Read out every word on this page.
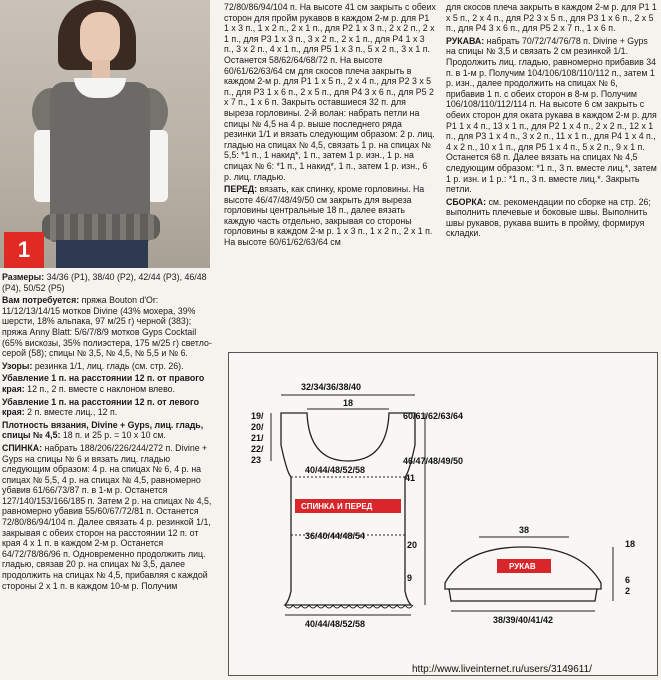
1

Размеры: 34/36 (P1), 38/40 (P2), 42/44 (P3), 46/48 (P4), 50/52 (P5)

Вам потребуется: пряжа Bouton d'Or: 11/12/13/14/15 мотков Divine (43% мохера, 39% шерсти, 18% альпака, 97 м/25 г) черной (383); пряжа Anny Blatt: 5/6/7/8/9 мотков Gyps Cocktail (65% вискозы, 35% полиэстера, 175 м/25 г) светло-серой (58); спицы № 3,5, № 4,5, № 5,5 и № 6.

Узоры: резинка 1/1, лиц. гладь (см. стр. 26).

Убавление 1 п. на расстоянии 12 п. от правого края: 12 п., 2 п. вместе с наклоном влево.

Убавление 1 п. на расстоянии 12 п. от левого края: 2 п. вместе лиц., 12 п.

Плотность вязания, Divine + Gyps, лиц. гладь, спицы № 4,5: 18 п. и 25 р. = 10 х 10 см.

СПИНКА: набрать 188/206/226/244/272 п. Divine + Gyps на спицы № 6 и вязать лиц. гладью следующим образом: 4 р. на спицах № 6, 4 р. на спицах № 5,5, 4 р. на спицах № 4,5, равномерно убавив 61/66/73/87 п. в 1-м р. Останется 127/140/153/166/185 п. Затем 2 р. на спицах № 4,5, равномерно убавив 55/60/67/72/81 п. Останется 72/80/86/94/104 п. Далее связать 4 р. резинкой 1/1, закрывая с обеих сторон на расстоянии 12 п. от края 4 х 1 п. в каждом 2-м р. Останется 64/72/78/86/96 п. Одновременно продолжить лиц. гладью, связав 20 р. на спицах № 3,5, далее продолжить на спицах № 4,5, прибавляя с каждой стороны 2 х 1 п. в каждом 10-м р. Получим

72/80/86/94/104 п. На высоте 41 см закрыть с обеих сторон для пройм рукавов в каждом 2-м р. для Р1 1 х 3 п., 1 х 2 п., 2 х 1 п., для Р2 1 х 3 п., 2 х 2 п., 2 х 1 п., для Р3 1 х 3 п., 3 х 2 п., 2 х 1 п., для Р4 1 х 3 п., 3 х 2 п., 4 х 1 п., для Р5 1 х 3 п., 5 х 2 п., 3 х 1 п. Останется 58/62/64/68/72 п. На высоте 60/61/62/63/64 см для скосов плеча закрыть в каждом 2-м р. для Р1 1 х 5 п., 2 х 4 п., для Р2 3 х 5 п., для Р3 1 х 6 п., 2 х 5 п., для Р4 3 х 6 п., для Р5 2 х 7 п., 1 х 6 п. Закрыть оставшиеся 32 п. для выреза горловины. 2-й волан: набрать петли на спицы № 4,5 на 4 р. выше последнего ряда резинки 1/1 и вязать следующим образом: 2 р. лиц. гладью на спицах № 4,5, связать 1 р. на спицах № 5,5: *1 п., 1 накид*, 1 п., затем 1 р. изн., 1 р. на спицах № 6: *1 п., 1 накид*, 1 п., затем 1 р. изн., 6 р. лиц. гладью.

ПЕРЕД: вязать, как спинку, кроме горловины. На высоте 46/47/48/49/50 см закрыть для выреза горловины центральные 18 п., далее вязать каждую часть отдельно, закрывая со стороны горловины в каждом 2-м р. 1 х 3 п., 1 х 2 п., 2 х 1 п. На высоте 60/61/62/63/64 см

для скосов плеча закрыть в каждом 2-м р. для Р1 1 х 5 п., 2 х 4 п., для Р2 3 х 5 п., для Р3 1 х 6 п., 2 х 5 п., для Р4 3 х 6 п., для Р5 2 х 7 п., 1 х 6 п.

РУКАВА: набрать 70/72/74/76/78 п. Divine + Gyps на спицы № 3,5 и связать 2 см резинкой 1/1. Продолжить лиц. гладью, равномерно прибавив 34 п. в 1-м р. Получим 104/106/108/110/112 п., затем 1 р. изн., далее продолжить на спицах № 6, прибавив 1 п. с обеих сторон в 8-м р. Получим 106/108/110/112/114 п. На высоте 6 см закрыть с обеих сторон для оката рукава в каждом 2-м р. для Р1 1 х 4 п., 13 х 1 п., для Р2 1 х 4 п., 2 х 2 п., 12 х 1 п., для Р3 1 х 4 п., 3 х 2 п., 11 х 1 п., для Р4 1 х 4 п., 4 х 2 п., 10 х 1 п., для Р5 1 х 4 п., 5 х 2 п., 9 х 1 п. Останется 68 п. Далее вязать на спицах № 4,5 следующим образом: *1 п., 3 п. вместе лиц.*, затем 1 р. изн. и 1 р.: *1 п., 3 п. вместе лиц.*. Закрыть петли.

СБОРКА: см. рекомендации по сборке на стр. 26; выполнить плечевые и боковые швы. Выполнить швы рукавов, рукава вшить в пройму, формируя складки.

32/34/36/38/40
18
60/61/62/63/64
19/
20/
21/
22/
23	46/47/48/49/50
40/44/48/52/58
41
СПИНКА И ПЕРЕД
36/40/44/48/54
20
9
40/44/48/52/58
38
18
РУКАВ
6
2
38/39/40/41/42
http://www.liveinternet.ru/users/3149611/
